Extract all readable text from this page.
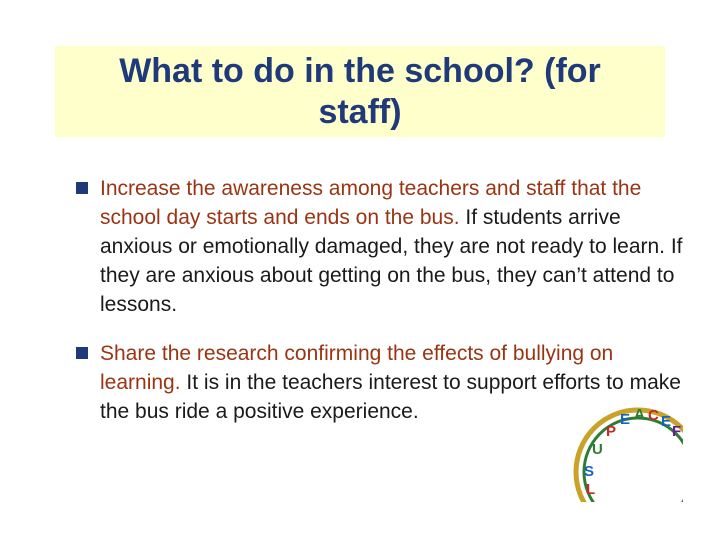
What to do in the school? (for staff)
Increase the awareness among teachers and staff that the school day starts and ends on the bus. If students arrive anxious or emotionally damaged, they are not ready to learn. If they are anxious about getting on the bus, they can’t attend to lessons.
Share the research confirming the effects of bullying on learning. It is in the teachers interest to support efforts to make the bus ride a positive experience.
P
E A C E
F
U
S
L
